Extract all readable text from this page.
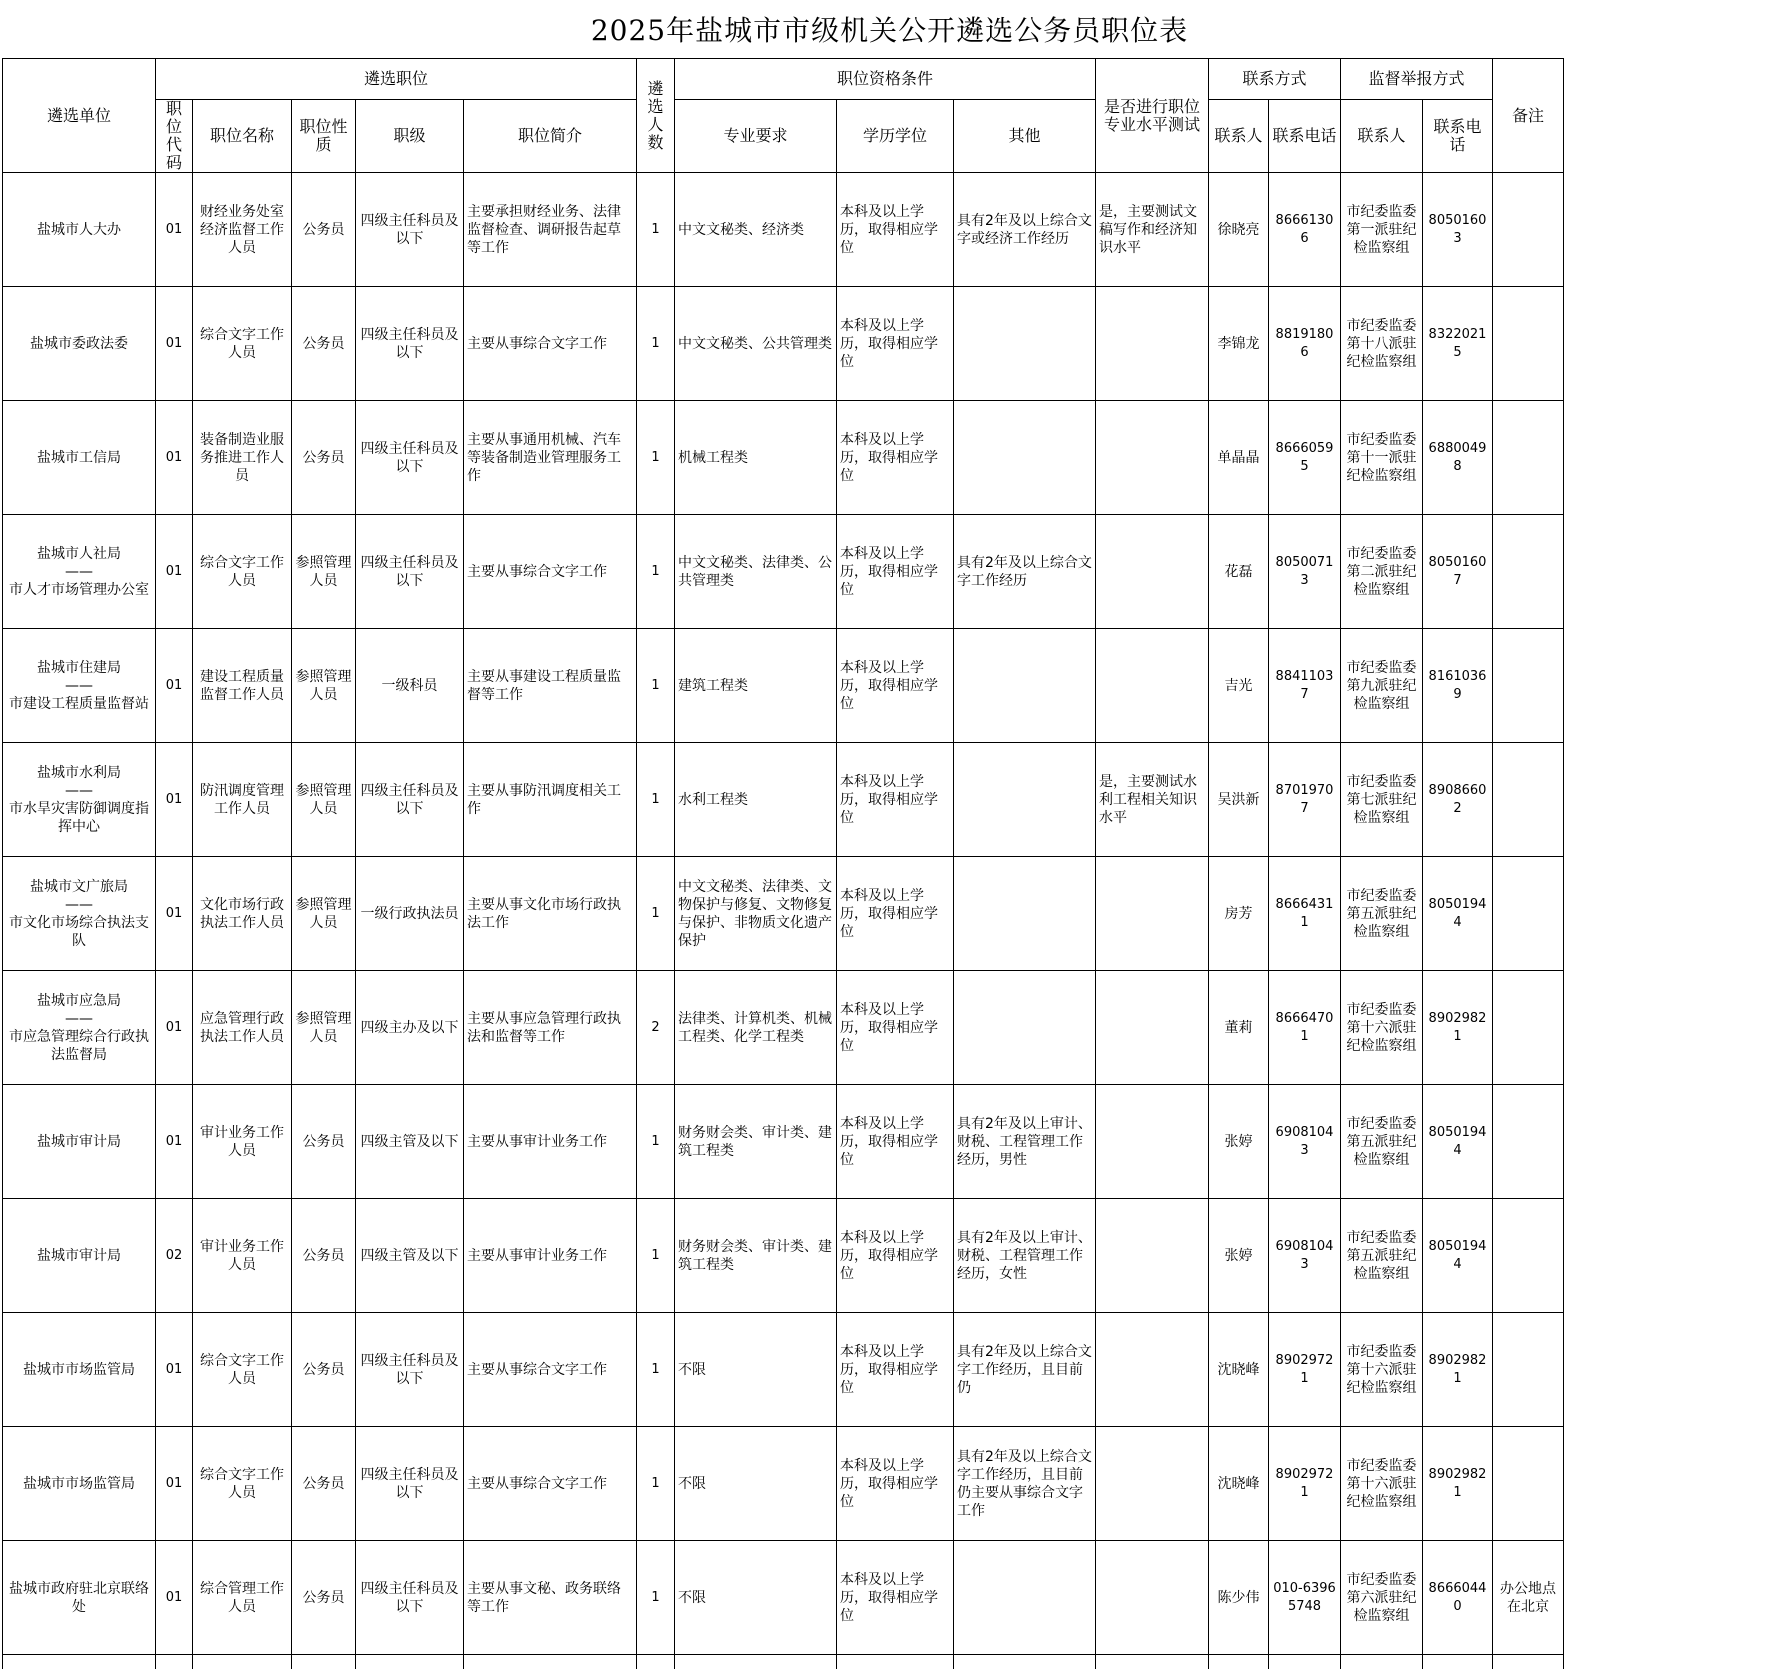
2025年盐城市市级机关公开遴选公务员职位表
遴选单位	遴选职位					遴选人数	职位资格条件			是否进行职位专业水平测试	联系方式		监督举报方式		备注
	职位代码	职位名称	职位性质	职级	职位简介		专业要求	学历学位	其他		联系人	联系电话	联系人	联系电话	

盐城市人大办	01	财经业务处室经济监督工作人员	公务员	四级主任科员及以下	主要承担财经业务、法律监督检查、调研报告起草等工作	1	中文文秘类、经济类	本科及以上学历，取得相应学位	具有2年及以上综合文字或经济工作经历	是，主要测试文稿写作和经济知识水平	徐晓亮	86661306	市纪委监委第一派驻纪检监察组	80501603	

盐城市委政法委	01	综合文字工作人员	公务员	四级主任科员及以下	主要从事综合文字工作	1	中文文秘类、公共管理类	本科及以上学历，取得相应学位			李锦龙	88191806	市纪委监委第十八派驻纪检监察组	83220215	

盐城市工信局	01	装备制造业服务推进工作人员	公务员	四级主任科员及以下	主要从事通用机械、汽车等装备制造业管理服务工作	1	机械工程类	本科及以上学历，取得相应学位			单晶晶	86660595	市纪委监委第十一派驻纪检监察组	68800498	

盐城市人社局
——
市人才市场管理办公室	01	综合文字工作人员	参照管理人员	四级主任科员及以下	主要从事综合文字工作	1	中文文秘类、法律类、公共管理类	本科及以上学历，取得相应学位	具有2年及以上综合文字工作经历		花磊	80500713	市纪委监委第二派驻纪检监察组	80501607	

盐城市住建局
——
市建设工程质量监督站	01	建设工程质量监督工作人员	参照管理人员	一级科员	主要从事建设工程质量监督等工作	1	建筑工程类	本科及以上学历，取得相应学位			吉光	88411037	市纪委监委第九派驻纪检监察组	81610369	

盐城市水利局
——
市水旱灾害防御调度指挥中心	01	防汛调度管理工作人员	参照管理人员	四级主任科员及以下	主要从事防汛调度相关工作	1	水利工程类	本科及以上学历，取得相应学位		是，主要测试水利工程相关知识水平	吴洪新	87019707	市纪委监委第七派驻纪检监察组	89086602	

盐城市文广旅局
——
市文化市场综合执法支队	01	文化市场行政执法工作人员	参照管理人员	一级行政执法员	主要从事文化市场行政执法工作	1	中文文秘类、法律类、文物保护与修复、文物修复与保护、非物质文化遗产保护	本科及以上学历，取得相应学位			房芳	86664311	市纪委监委第五派驻纪检监察组	80501944	

盐城市应急局
——
市应急管理综合行政执法监督局	01	应急管理行政执法工作人员	参照管理人员	四级主办及以下	主要从事应急管理行政执法和监督等工作	2	法律类、计算机类、机械工程类、化学工程类	本科及以上学历，取得相应学位			董莉	86664701	市纪委监委第十六派驻纪检监察组	89029821	

盐城市审计局	01	审计业务工作人员	公务员	四级主管及以下	主要从事审计业务工作	1	财务财会类、审计类、建筑工程类	本科及以上学历，取得相应学位	具有2年及以上审计、财税、工程管理工作经历，男性		张婷	69081043	市纪委监委第五派驻纪检监察组	80501944	

盐城市审计局	02	审计业务工作人员	公务员	四级主管及以下	主要从事审计业务工作	1	财务财会类、审计类、建筑工程类	本科及以上学历，取得相应学位	具有2年及以上审计、财税、工程管理工作经历，女性		张婷	69081043	市纪委监委第五派驻纪检监察组	80501944	

盐城市市场监管局	01	综合文字工作人员	公务员	四级主任科员及以下	主要从事综合文字工作	1	不限	本科及以上学历，取得相应学位	具有2年及以上综合文字工作经历，且目前仍		沈晓峰	89029721	市纪委监委第十六派驻纪检监察组	89029821	

盐城市市场监管局	01	综合文字工作人员	公务员	四级主任科员及以下	主要从事综合文字工作	1	不限	本科及以上学历，取得相应学位	具有2年及以上综合文字工作经历，且目前仍主要从事综合文字工作		沈晓峰	89029721	市纪委监委第十六派驻纪检监察组	89029821	

盐城市政府驻北京联络处	01	综合管理工作人员	公务员	四级主任科员及以下	主要从事文秘、政务联络等工作	1	不限	本科及以上学历，取得相应学位			陈少伟	010-63965748	市纪委监委第六派驻纪检监察组	86660440	办公地点在北京
